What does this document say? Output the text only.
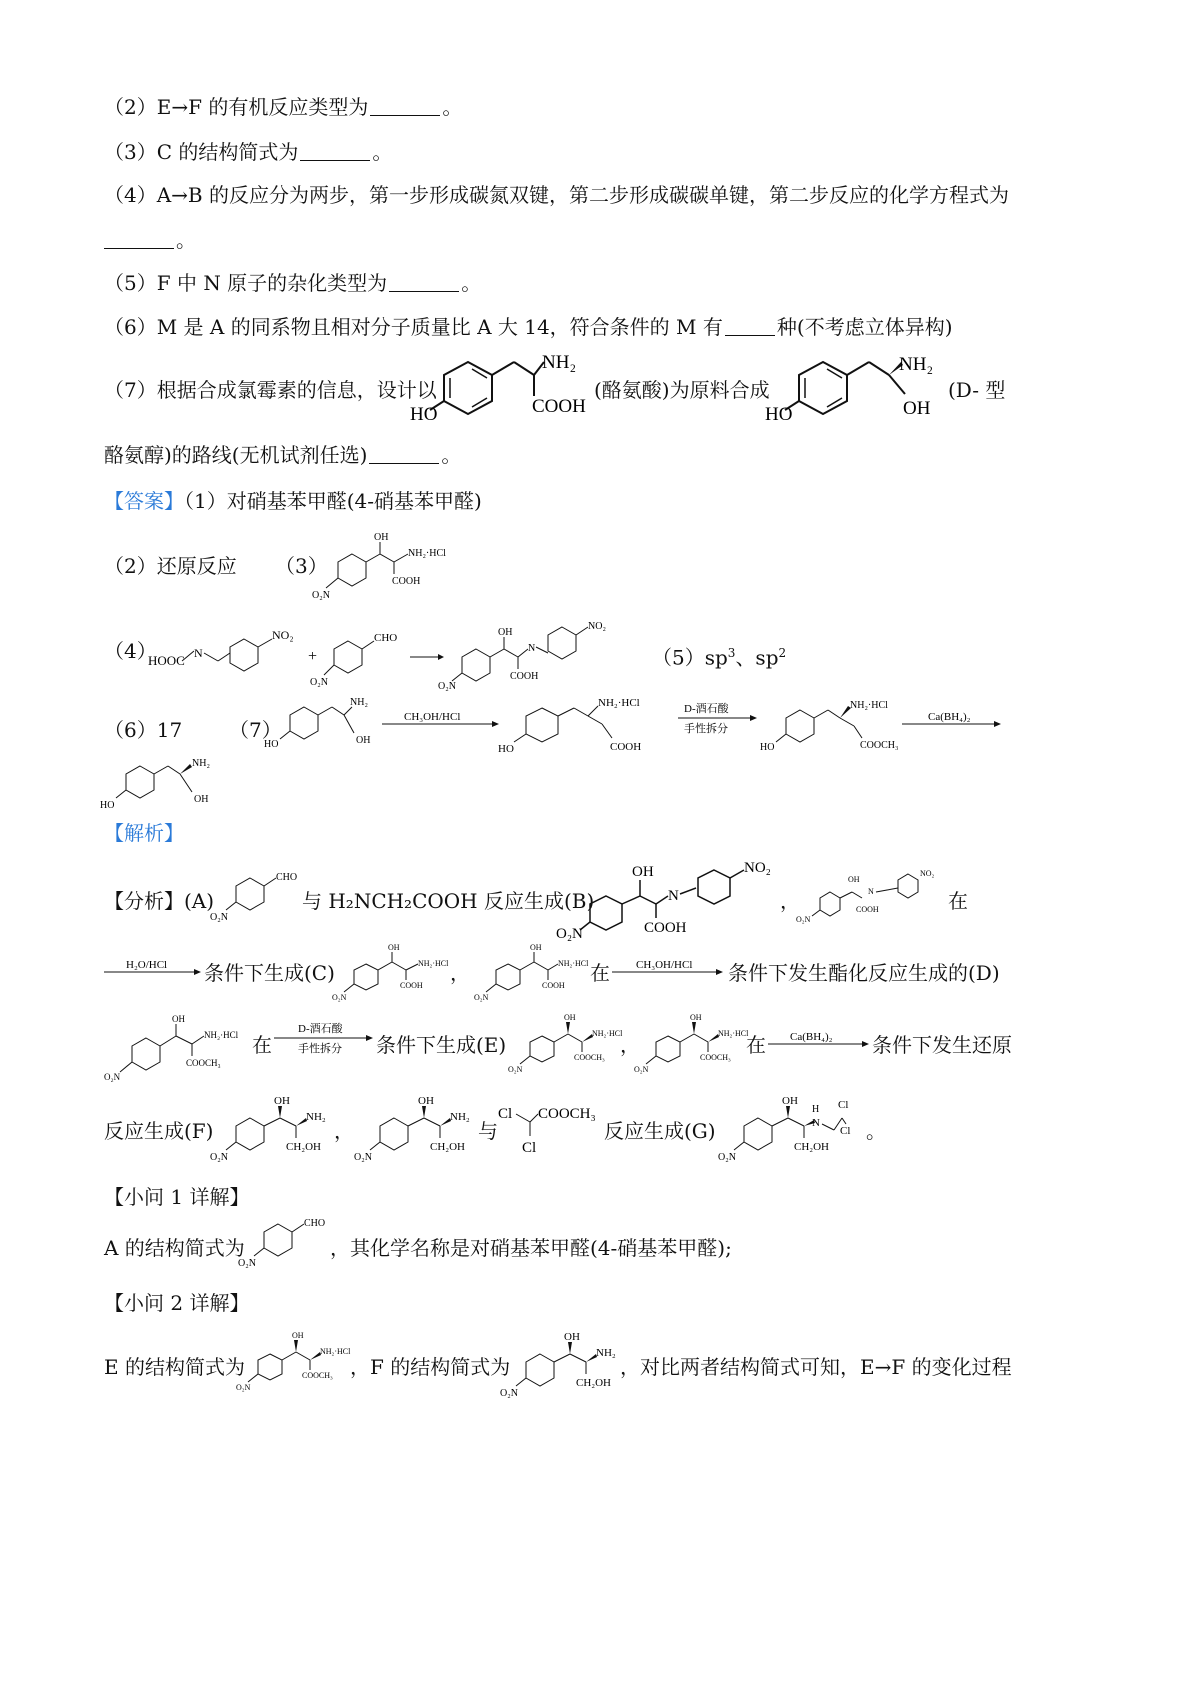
（2）E→F 的有机反应类型为	。
（3）C 的结构简式为	。
（4）A→B 的反应分为两步，第一步形成碳氮双键，第二步形成碳碳单键，第二步反应的化学方程式为
。
（5）F 中 N 原子的杂化类型为	。
（6）M 是 A 的同系物且相对分子质量比 A 大 14，符合条件的 M 有	种(不考虑立体异构)
（7）根据合成氯霉素的信息，设计以	(酪氨酸)为原料合成	(D- 型
酪氨醇)的路线(无机试剂任选)	。
HO
NH₂
COOH	HO
NH₂
OH
【答案】（1）对硝基苯甲醛(4-硝基苯甲醛)
（2）还原反应 （3）
OH
NH₂·HCl
COOH
O₂N
（4）
HOOC N
NO₂
+
CHO
O₂N	O₂N
OH
COOH
N
NO₂
$(5)sp^3$、$sp^2$
（6）17 （7）
HO
NH₂
OH
CH₃OH/HCl
HO
NH₂·HCl
COOH
D-酒石酸
手性拆分
HO
NH₂·HCl
COOCH₃
Ca(BH₄)₂
HO
NH₂
OH
【解析】
【分析】(A)
CHO
O₂N
与 H₂NCH₂COOH 反应生成(B)
O₂N
OH
COOH
N
NO₂
，
O₂N
OH
COOH
N
NO₂
在
H₂O/HCl 条件下生成(C)
O₂N
OH
NH₂·HCl
COOH
，
O₂N
OH
NH₂·HCl
COOH
在 CH₃OH/HCl 条件下发生酯化反应生成的(D)
O₂N
OH
NH₂·HCl
COOCH₃
在
D-酒石酸
手性拆分 条件下生成(E)
O₂N
OH
NH₂·HCl
COOCH₃
，
O₂N
OH
NH₂·HCl
COOCH₃
在 Ca(BH₄)₂ 条件下发生还原
反应生成(F)
O₂N
OH
NH₂
CH₂OH
，
O₂N
OH
NH₂
CH₂OH
与
Cl COOCH₃
Cl
反应生成(G)
O₂N
OH
H
N
Cl
Cl
CH₂OH
。
【小问 1 详解】
A 的结构简式为
CHO
O₂N
，其化学名称是对硝基苯甲醛(4-硝基苯甲醛);
【小问 2 详解】
E 的结构简式为
O₂N
OH
NH₂·HCl
COOCH₃ ，F 的结构简式为
O₂N
OH
NH₂
CH₂OH
，对比两者结构简式可知，E→F 的变化过程
